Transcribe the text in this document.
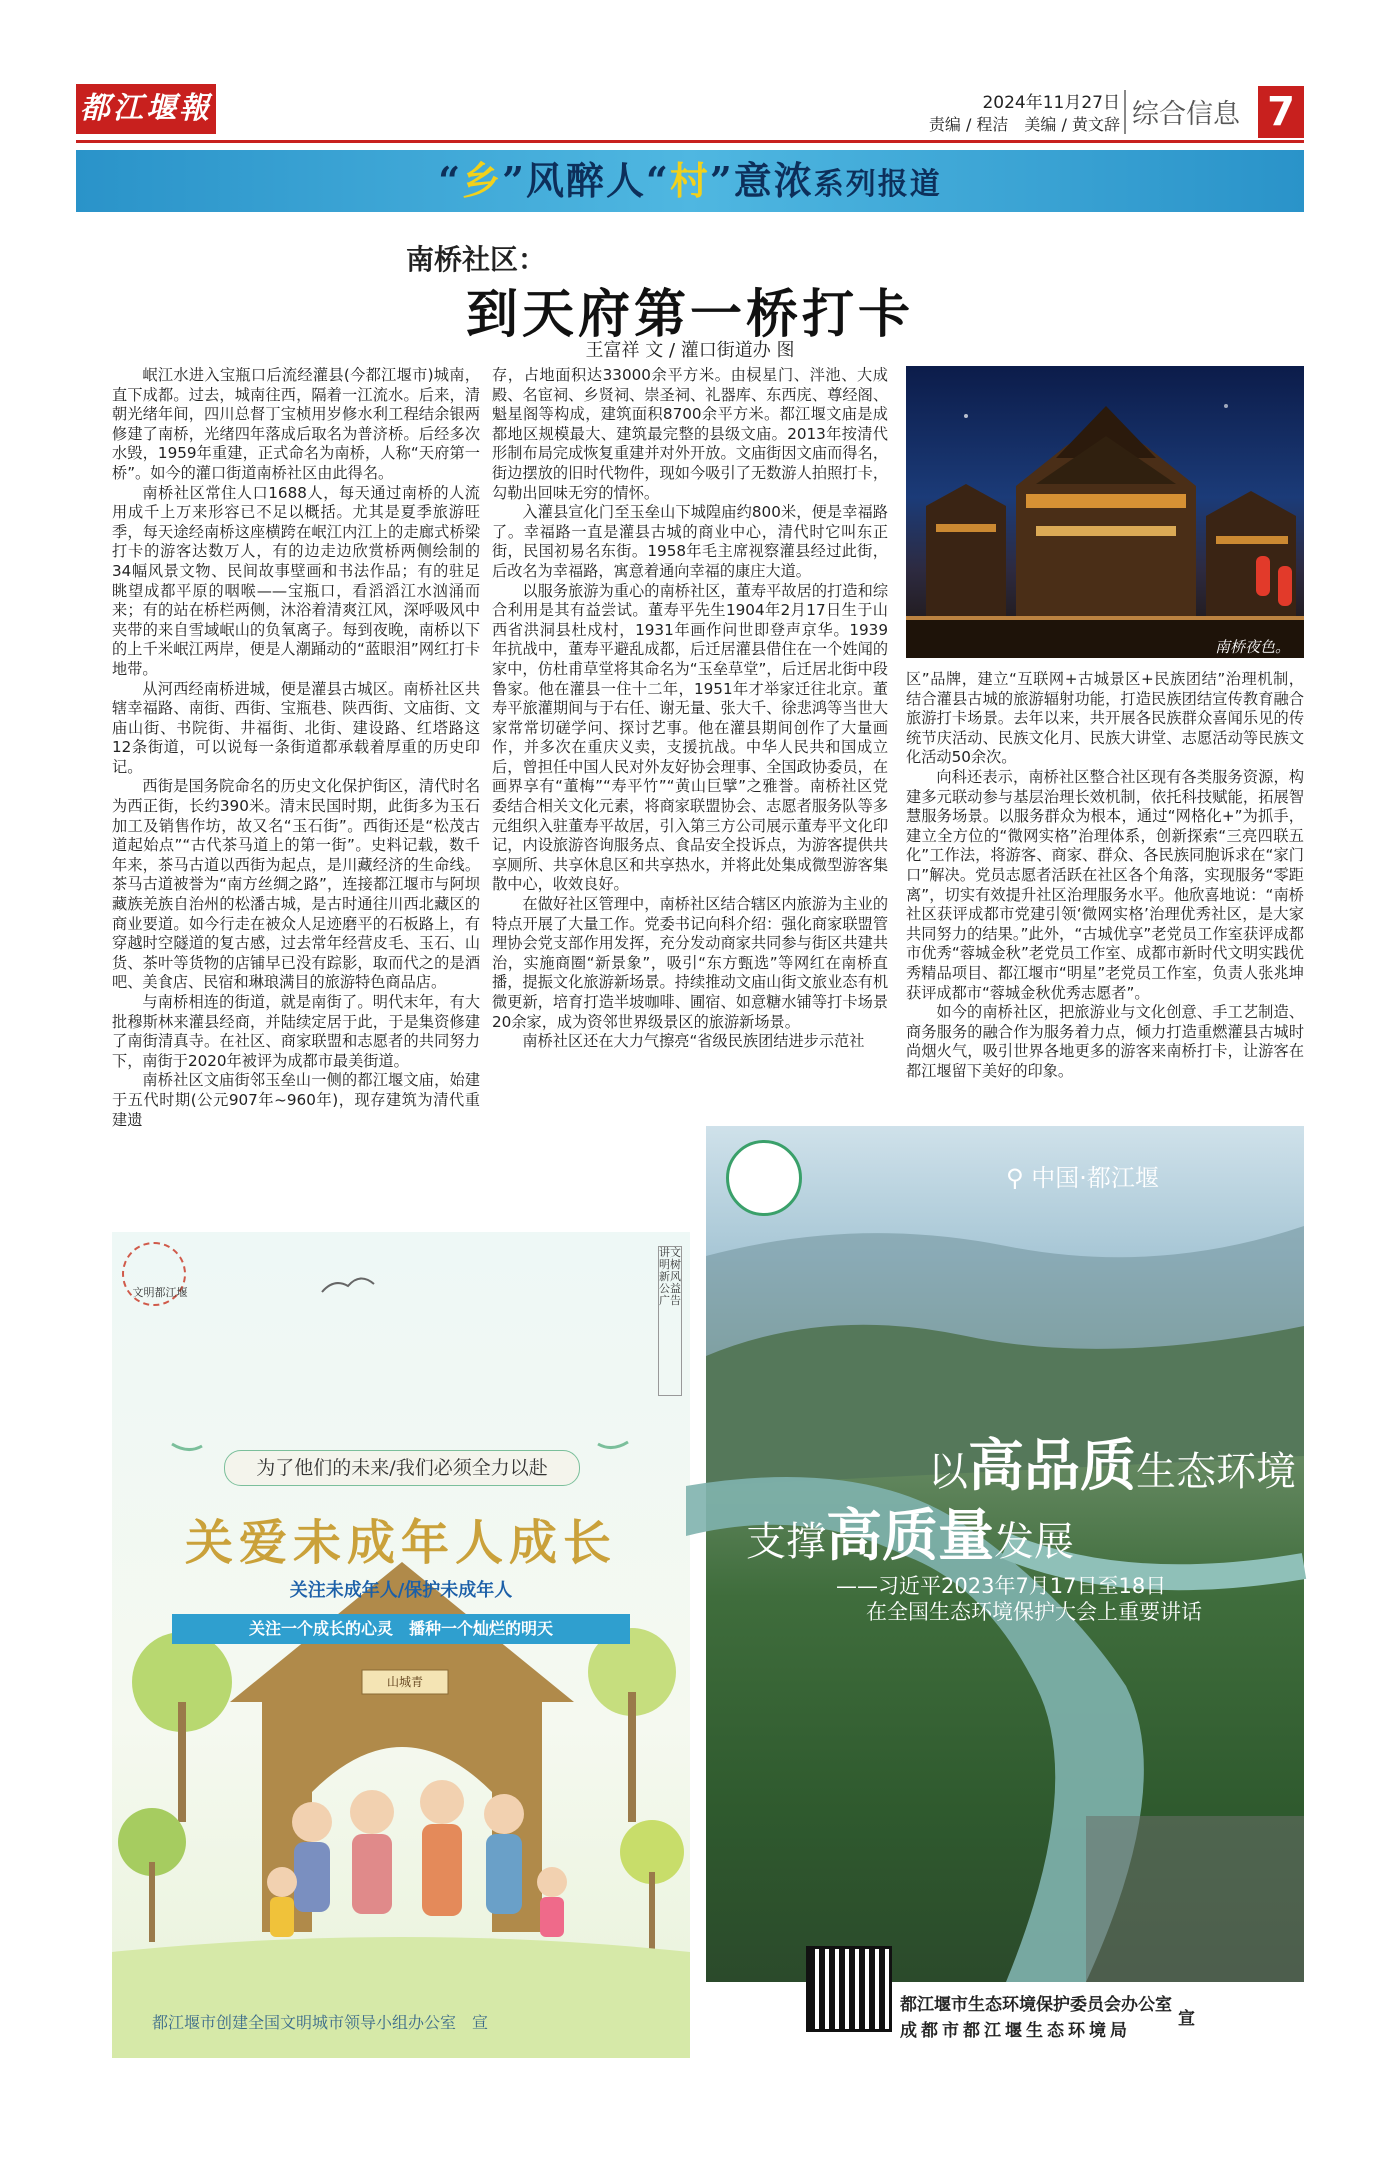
都江堰報	2024年11月27日
责编 / 程洁　美编 / 黄文辞 综合信息 7
“乡”风醉人“村”意浓系列报道
南桥社区：
到天府第一桥打卡
王富祥 文 / 灌口街道办 图

岷江水进入宝瓶口后流经灌县(今都江堰市)城南，直下成都。过去，城南往西，隔着一江流水。后来，清朝光绪年间，四川总督丁宝桢用岁修水利工程结余银两修建了南桥，光绪四年落成后取名为普济桥。后经多次水毁，1959年重建，正式命名为南桥，人称“天府第一桥”。如今的灌口街道南桥社区由此得名。

南桥社区常住人口1688人，每天通过南桥的人流用成千上万来形容已不足以概括。尤其是夏季旅游旺季，每天途经南桥这座横跨在岷江内江上的走廊式桥梁打卡的游客达数万人，有的边走边欣赏桥两侧绘制的34幅风景文物、民间故事壁画和书法作品；有的驻足眺望成都平原的咽喉——宝瓶口，看滔滔江水汹涌而来；有的站在桥栏两侧，沐浴着清爽江风，深呼吸风中夹带的来自雪域岷山的负氧离子。每到夜晚，南桥以下的上千米岷江两岸，便是人潮踊动的“蓝眼泪”网红打卡地带。

从河西经南桥进城，便是灌县古城区。南桥社区共辖幸福路、南街、西街、宝瓶巷、陕西街、文庙街、文庙山街、书院街、井福街、北街、建设路、红塔路这12条街道，可以说每一条街道都承载着厚重的历史印记。

西街是国务院命名的历史文化保护街区，清代时名为西正街，长约390米。清末民国时期，此街多为玉石加工及销售作坊，故又名“玉石街”。西街还是“松茂古道起始点”“古代茶马道上的第一街”。史料记载，数千年来，茶马古道以西街为起点，是川藏经济的生命线。茶马古道被誉为“南方丝绸之路”，连接都江堰市与阿坝藏族羌族自治州的松潘古城，是古时通往川西北藏区的商业要道。如今行走在被众人足迹磨平的石板路上，有穿越时空隧道的复古感，过去常年经营皮毛、玉石、山货、茶叶等货物的店铺早已没有踪影，取而代之的是酒吧、美食店、民宿和琳琅满目的旅游特色商品店。

与南桥相连的街道，就是南街了。明代末年，有大批穆斯林来灌县经商，并陆续定居于此，于是集资修建了南街清真寺。在社区、商家联盟和志愿者的共同努力下，南街于2020年被评为成都市最美街道。

南桥社区文庙街邻玉垒山一侧的都江堰文庙，始建于五代时期(公元907年~960年)，现存建筑为清代重建遗

存，占地面积达33000余平方米。由棂星门、泮池、大成殿、名宦祠、乡贤祠、崇圣祠、礼器库、东西庑、尊经阁、魁星阁等构成，建筑面积8700余平方米。都江堰文庙是成都地区规模最大、建筑最完整的县级文庙。2013年按清代形制布局完成恢复重建并对外开放。文庙街因文庙而得名，街边摆放的旧时代物件，现如今吸引了无数游人拍照打卡，勾勒出回味无穷的情怀。

入灌县宣化门至玉垒山下城隍庙约800米，便是幸福路了。幸福路一直是灌县古城的商业中心，清代时它叫东正街，民国初易名东街。1958年毛主席视察灌县经过此街，后改名为幸福路，寓意着通向幸福的康庄大道。

以服务旅游为重心的南桥社区，董寿平故居的打造和综合利用是其有益尝试。董寿平先生1904年2月17日生于山西省洪洞县杜戍村，1931年画作问世即登声京华。1939年抗战中，董寿平避乱成都，后迁居灌县借住在一个姓闻的家中，仿杜甫草堂将其命名为“玉垒草堂”，后迁居北街中段鲁家。他在灌县一住十二年，1951年才举家迁往北京。董寿平旅灌期间与于右任、谢无量、张大千、徐悲鸿等当世大家常常切磋学问、探讨艺事。他在灌县期间创作了大量画作，并多次在重庆义卖，支援抗战。中华人民共和国成立后，曾担任中国人民对外友好协会理事、全国政协委员，在画界享有“董梅”“寿平竹”“黄山巨擘”之雅誉。南桥社区党委结合相关文化元素，将商家联盟协会、志愿者服务队等多元组织入驻董寿平故居，引入第三方公司展示董寿平文化印记，内设旅游咨询服务点、食品安全投诉点，为游客提供共享厕所、共享休息区和共享热水，并将此处集成微型游客集散中心，收效良好。

在做好社区管理中，南桥社区结合辖区内旅游为主业的特点开展了大量工作。党委书记向科介绍：强化商家联盟管理协会党支部作用发挥，充分发动商家共同参与街区共建共治，实施商圈“新景象”，吸引“东方甄选”等网红在南桥直播，提振文化旅游新场景。持续推动文庙山街文旅业态有机微更新，培育打造半坡咖啡、圃宿、如意糖水铺等打卡场景20余家，成为资邻世界级景区的旅游新场景。

南桥社区还在大力气擦亮“省级民族团结进步示范社

南桥夜色。

区”品牌，建立“互联网+古城景区+民族团结”治理机制，结合灌县古城的旅游辐射功能，打造民族团结宣传教育融合旅游打卡场景。去年以来，共开展各民族群众喜闻乐见的传统节庆活动、民族文化月、民族大讲堂、志愿活动等民族文化活动50余次。

向科还表示，南桥社区整合社区现有各类服务资源，构建多元联动参与基层治理长效机制，依托科技赋能，拓展智慧服务场景。以服务群众为根本，通过“网格化+”为抓手，建立全方位的“微网实格”治理体系，创新探索“三亮四联五化”工作法，将游客、商家、群众、各民族同胞诉求在“家门口”解决。党员志愿者活跃在社区各个角落，实现服务“零距离”，切实有效提升社区治理服务水平。他欣喜地说：“南桥社区获评成都市党建引领‘微网实格’治理优秀社区，是大家共同努力的结果。”此外，“古城优享”老党员工作室获评成都市优秀“蓉城金秋”老党员工作室、成都市新时代文明实践优秀精品项目、都江堰市“明星”老党员工作室，负责人张兆坤获评成都市“蓉城金秋优秀志愿者”。

如今的南桥社区，把旅游业与文化创意、手工艺制造、商务服务的融合作为服务着力点，倾力打造重燃灌县古城时尚烟火气，吸引世界各地更多的游客来南桥打卡，让游客在都江堰留下美好的印象。

文明都江堰
讲文明树新风　公益广告
为了他们的未来/我们必须全力以赴
关爱未成年人成长
关注未成年人/保护未成年人
关注一个成长的心灵　播种一个灿烂的明天
山城青
都江堰市创建全国文明城市领导小组办公室　宣
⚲ 中国·都江堰
以高品质生态环境
支撑高质量发展
——习近平2023年7月17日至18日
在全国生态环境保护大会上重要讲话
都江堰市生态环境保护委员会办公室
成都市都江堰生态环境局
宣
